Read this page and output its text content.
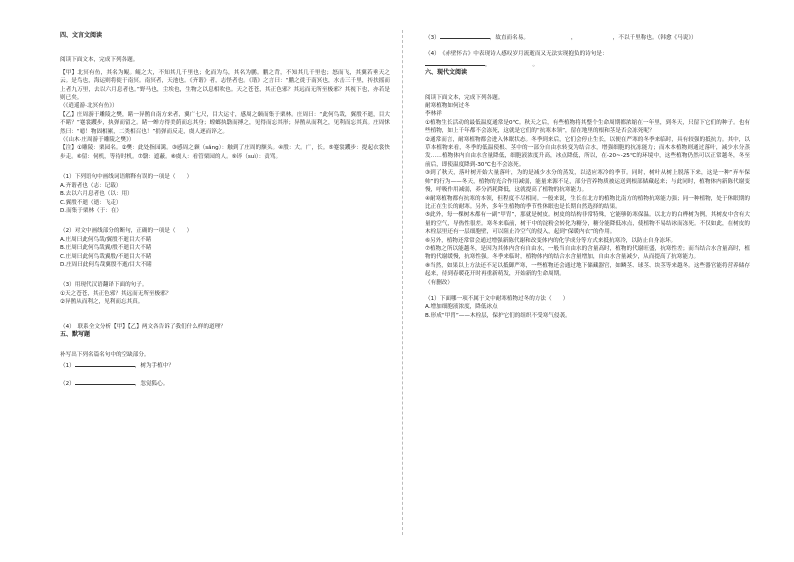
四、文言文阅读

阅读下面文本，完成下列各题。

【甲】北冥有鱼，其名为鲲。鲲之大，不知其几千里也；化而为鸟，其名为鹏。鹏之背，不知其几千里也；怒而飞，其翼若垂天之云。是鸟也，海运则将徙于南冥。南冥者，天池也。《齐谐》者，志怪者也。《谐》之言曰：“鹏之徙于南冥也，水击三千里，抟扶摇而上者九万里，去以六月息者也。”野马也，尘埃也，生物之以息相吹也。天之苍苍，其正色邪？其远而无所至极邪？其视下也，亦若是则已矣。

（《逍遥游·北冥有鱼》）

【乙】庄周游于雕陵之樊，睹一异鹊自南方来者，翼广七尺，目大运寸，感周之颡而集于栗林。庄周曰：“此何鸟哉，翼殷不逝，目大不睹？”蹇裳躩步，执弹而留之。睹一蝉方得美荫而忘其身；螳螂执翳而搏之，见得而忘其形；异鹊从而利之，见利而忘其真。庄周怵然曰：“噫！物固相累，二类相召也！”捐弹而反走，虞人逐而谇之。

（《山木·庄周游于雕陵之樊》）

【注】①雕陵：栗园名。②樊：此处指园篱。③感周之颡（sǎng）：触到了庄周的额头。④殷：大。广，长。⑤蹇裳躩步：提起衣裳快步走。⑥留：伺机，等待时机。⑦翳：遮蔽。⑧虞人：看管栗园的人。⑨谇（suì）：责骂。

（1）下列语句中画线词语解释有误的一项是（　　）

A.齐谐者也（志：记载）

B.去以六月息者也（以：用）

C.翼殷不逝（逝：飞走）

D.而集于栗林（于：在）

（2）对文中画线部分的断句，正确的一项是（　　）

A.庄周曰此何鸟哉/翼殷不逝目大不睹

B.庄周曰此何鸟哉翼/殷不逝目大不睹

C.庄周曰此何鸟哉翼殷/不逝目大不睹

D.庄周曰此何鸟哉翼殷不逝/目大不睹

（3）用现代汉语翻译下面的句子。

①天之苍苍，其正色邪？其远而无所至极邪？

②异鹊从而利之，见利而忘其真。

（4）　联系全文分析【甲】【乙】两文各告诉了我们什么样的道理？

五、默写题

补写出下列名篇名句中的空缺部分。

（1）	，树为手植中？

（2）	，忽觉狐心。

（3）	，故直而名易。　　　　　　　　，　　　　　　　，不以千里称也。（韩愈《马说》）

（4）　《赤壁怀古》中表现诗人感叹岁月流逝而又无法实现抱负的诗句是：

，　　　　　　　　。

六、现代文阅读

阅读下面文本，完成下列各题。

耐寒植物如何过冬

李林祥

①植物生长活动的最低温度通常是0℃。秋天之后，有些植物将其整个生命周期都浓缩在一年里，到冬天，只留下它们的种子。也有些植物，如上千年都不会冻死，这就是它们的“抗寒本领”，留在地里的根和茎是否会冻死呢？

②通常而言，耐寒植物都会进入休眠状态。冬季到来后，它们会停止生长，以便在严寒的冬季来临时，具有较强的抵抗力。其中，以草本植物来看，冬季的低温使根、茎中的一部分自由水转变为结合水，增强细胞的抗冻能力；而木本植物则通过落叶，减少水分蒸发……植物体内自由水含量降低，细胞液浓度升高，冰点降低，所以，在-20~-25℃的环境中，这些植物仍然可以正常越冬，冬至前后，即使温度降到-30℃也不会冻死。

③到了秋天，落叶树开始大量落叶，为的是减少水分的蒸发，以适应寒冷的季节。同时，树叶从树上脱落下来，这是一种“弃车保帅”的行为——冬天，植物的光合作用减弱，能量来源不足，部分营养物质被运送到根部储藏起来；与此同时，植物体内新陈代谢变慢，呼吸作用减弱，养分消耗降低，这就提高了植物的抗寒能力。

④耐寒植物都有抗寒的本领，但程度不尽相同。一般来说，生长在北方的植物比南方的植物抗寒能力强；同一种植物，处于休眠期的比正在生长的耐寒。另外，多年生植物的季节性休眠也是长期自然选择的结果。

⑤此外，每一棵树木都有一副“甲胄”，那就是树皮。树皮的结构非常特殊，它能够防寒保温。以北方的白桦树为例，其树皮中含有大量的空气，导热性很差。寒冬来临前，树干中的淀粉会转化为糖分，糖分能降低冰点，使植物不易结冰而冻死。不仅如此，在树皮的木栓层里还有一层细胞壁，可以阻止冷空气的侵入，起到“保暖内衣”的作用。

⑥另外，植物还常常会通过增强新陈代谢和改变体内的化学成分等方式来抵抗寒冷，以防止自身冻坏。

⑦植物之所以能越冬，是因为其体内含有自由水，一般当自由水的含量高时，植物的代谢旺盛，抗寒性差；而当结合水含量高时，植物的代谢缓慢，抗寒性强。冬季来临时，植物体内的结合水含量增加，自由水含量减少，从而提高了抗寒能力。

⑧当然，如果以上方法还不足以抵御严寒，一些植物还会通过地下储藏器官，如鳞茎、球茎、块茎等来越冬。这些器官能将营养储存起来，待到春暖花开时再重新萌发，开始新的生命周期。

（有删改）

（1）下面哪一项不属于文中耐寒植物过冬的方法（　　）

A.增加细胞液浓度，降低冰点

B.形成“甲胄”——木栓层，保护它们的组织不受寒气侵袭。
